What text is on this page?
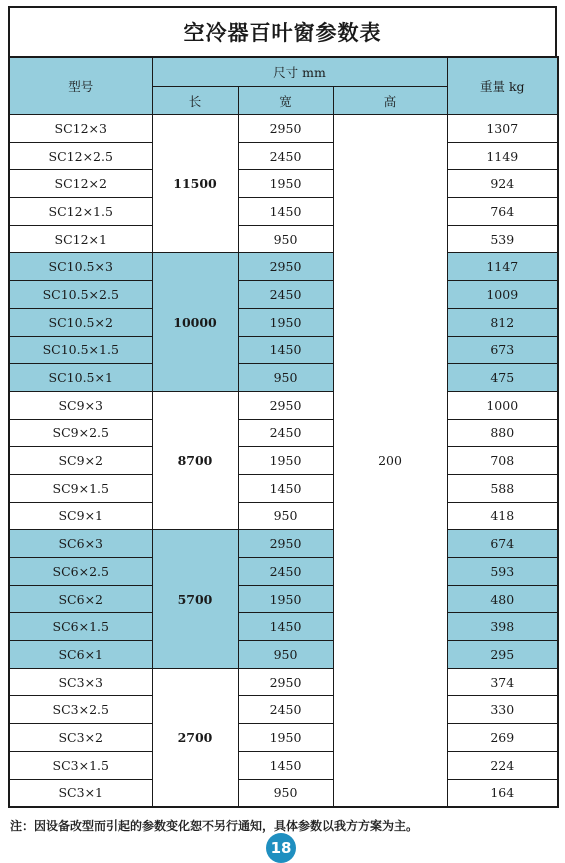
空冷器百叶窗参数表
型号	尺寸 mm			重量 kg
	长	宽	高	
SC12×3	11500	2950	200	1307
SC12×2.5		2450		1149
SC12×2		1950		924
SC12×1.5		1450		764
SC12×1		950		539
SC10.5×3	10000	2950		1147
SC10.5×2.5		2450		1009
SC10.5×2		1950		812
SC10.5×1.5		1450		673
SC10.5×1		950		475
SC9×3	8700	2950		1000
SC9×2.5		2450		880
SC9×2		1950		708
SC9×1.5		1450		588
SC9×1		950		418
SC6×3	5700	2950		674
SC6×2.5		2450		593
SC6×2		1950		480
SC6×1.5		1450		398
SC6×1		950		295
SC3×3	2700	2950		374
SC3×2.5		2450		330
SC3×2		1950		269
SC3×1.5		1450		224
SC3×1		950		164
注：因设备改型而引起的参数变化恕不另行通知，具体参数以我方方案为主。
18
